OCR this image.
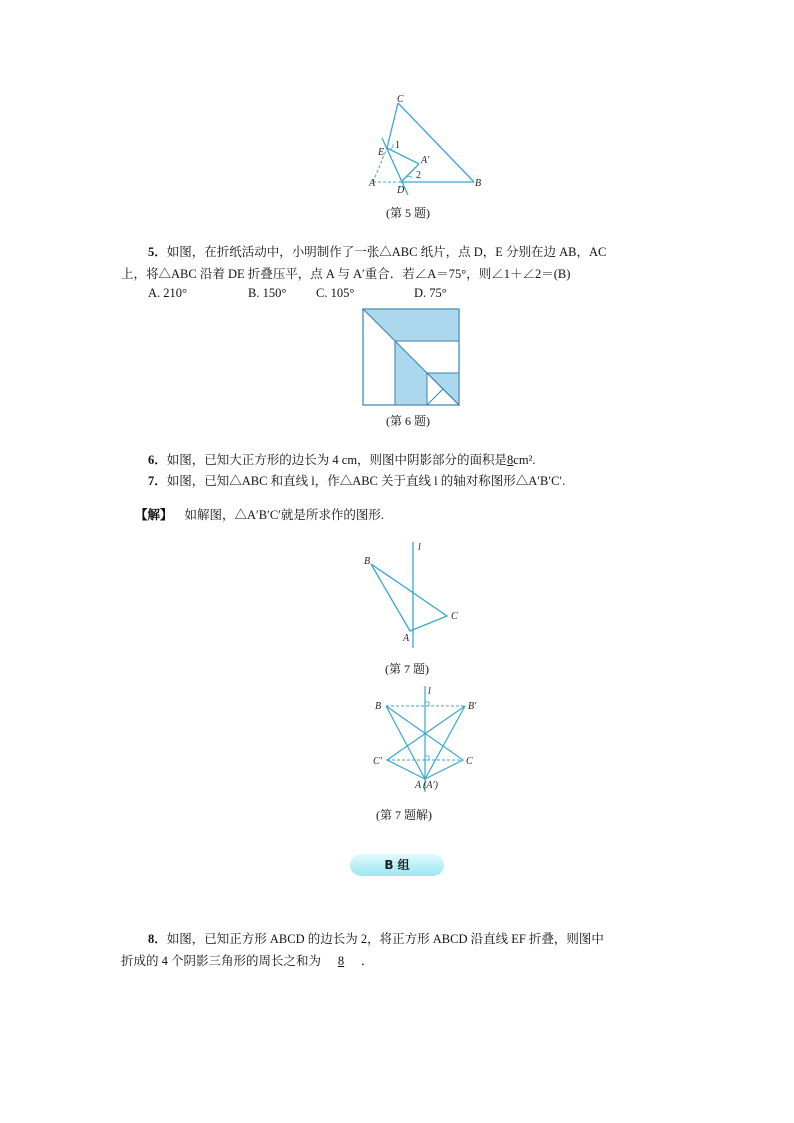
C
E
1
A′
2
A
D
B
(第 5 题)
5．如图，在折纸活动中，小明制作了一张△ABC 纸片，点 D，E 分别在边 AB，AC
上，将△ABC 沿着 DE 折叠压平，点 A 与 A′重合．若∠A＝75°，则∠1＋∠2＝(B)
A. 210°	B. 150° C. 105°	D. 75°
(第 6 题)
6．如图，已知大正方形的边长为 4 cm，则图中阴影部分的面积是8cm².
7．如图，已知△ABC 和直线 l，作△ABC 关于直线 l 的轴对称图形△A′B′C′.
【解】 如解图，△A′B′C′就是所求作的图形.
B
l
C
A
(第 7 题)
l
B	B′
C′	C
A (A′)
(第 7 题解)
B 组
8．如图，已知正方形 ABCD 的边长为 2，将正方形 ABCD 沿直线 EF 折叠，则图中
折成的 4 个阴影三角形的周长之和为 8 ．
